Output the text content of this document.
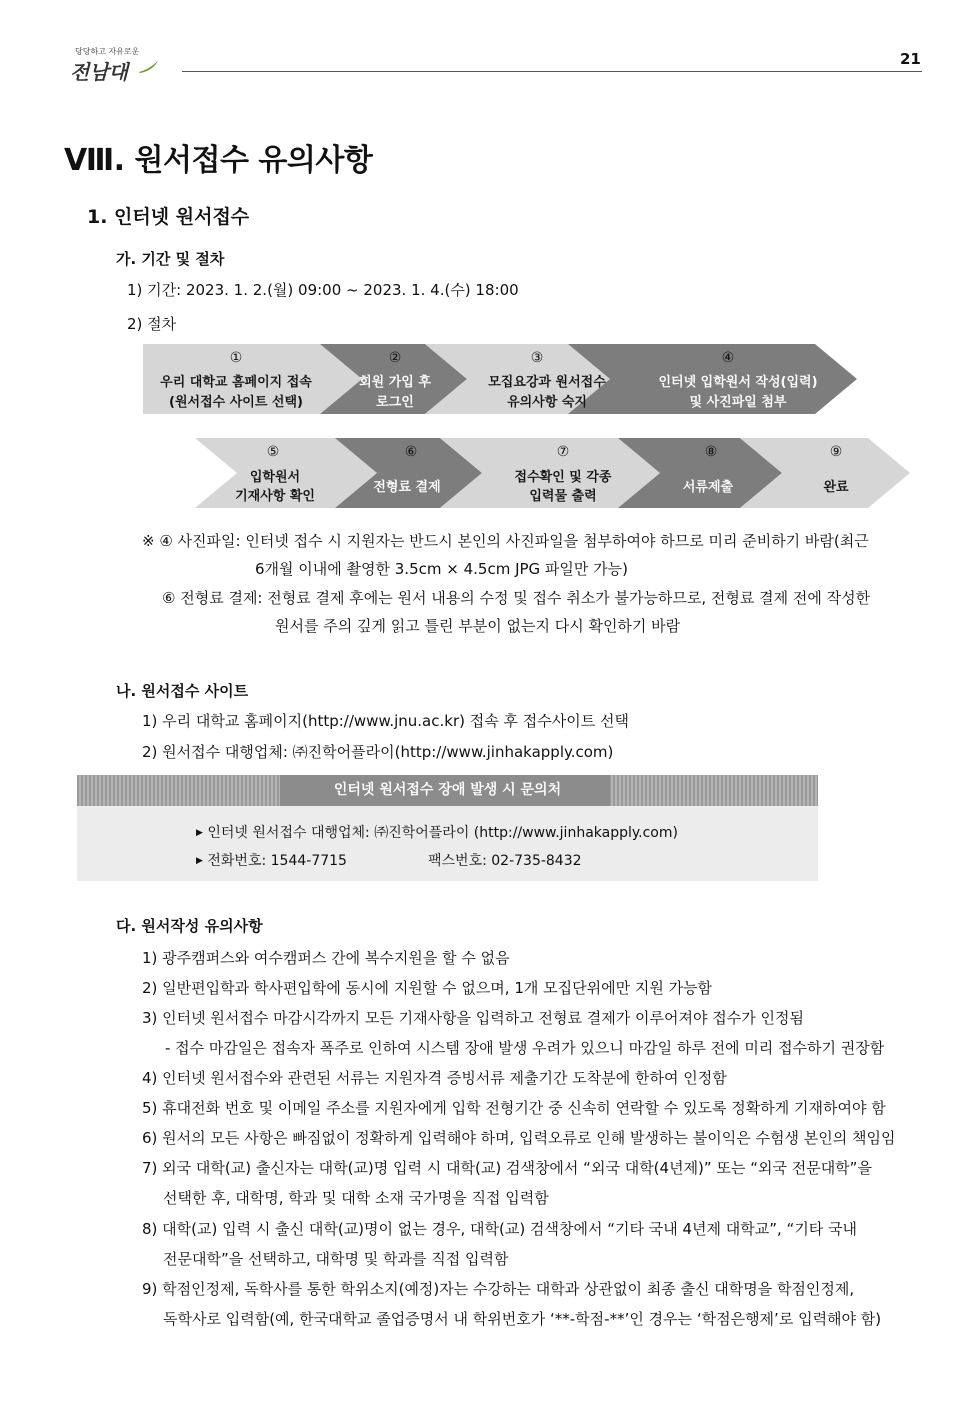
당당하고 자유로운
전남대
21
Ⅷ. 원서접수 유의사항
1. 인터넷 원서접수
가. 기간 및 절차
1) 기간: 2023. 1. 2.(월) 09:00 ~ 2023. 1. 4.(수) 18:00
2) 절차
①
우리 대학교 홈페이지 접속
(원서접수 사이트 선택)
②
회원 가입 후
로그인
③
모집요강과 원서접수
유의사항 숙지
④
인터넷 입학원서 작성(입력)
및 사진파일 첨부
⑤
입학원서
기재사항 확인
⑥
전형료 결제
⑦
접수확인 및 각종
입력물 출력
⑧
서류제출
⑨
완료
※ ④ 사진파일: 인터넷 접수 시 지원자는 반드시 본인의 사진파일을 첨부하여야 하므로 미리 준비하기 바람(최근
6개월 이내에 촬영한 3.5cm × 4.5cm JPG 파일만 가능)
⑥ 전형료 결제: 전형료 결제 후에는 원서 내용의 수정 및 접수 취소가 불가능하므로, 전형료 결제 전에 작성한
원서를 주의 깊게 읽고 틀린 부분이 없는지 다시 확인하기 바람
나. 원서접수 사이트
1) 우리 대학교 홈페이지(http://www.jnu.ac.kr) 접속 후 접수사이트 선택
2) 원서접수 대행업체: ㈜진학어플라이(http://www.jinhakapply.com)
인터넷 원서접수 장애 발생 시 문의처
▶ 인터넷 원서접수 대행업체: ㈜진학어플라이 (http://www.jinhakapply.com)
▶ 전화번호: 1544-7715	팩스번호: 02-735-8432
다. 원서작성 유의사항
1) 광주캠퍼스와 여수캠퍼스 간에 복수지원을 할 수 없음
2) 일반편입학과 학사편입학에 동시에 지원할 수 없으며, 1개 모집단위에만 지원 가능함
3) 인터넷 원서접수 마감시각까지 모든 기재사항을 입력하고 전형료 결제가 이루어져야 접수가 인정됨
- 접수 마감일은 접속자 폭주로 인하여 시스템 장애 발생 우려가 있으니 마감일 하루 전에 미리 접수하기 권장함
4) 인터넷 원서접수와 관련된 서류는 지원자격 증빙서류 제출기간 도착분에 한하여 인정함
5) 휴대전화 번호 및 이메일 주소를 지원자에게 입학 전형기간 중 신속히 연락할 수 있도록 정확하게 기재하여야 함
6) 원서의 모든 사항은 빠짐없이 정확하게 입력해야 하며, 입력오류로 인해 발생하는 불이익은 수험생 본인의 책임임
7) 외국 대학(교) 출신자는 대학(교)명 입력 시 대학(교) 검색창에서 “외국 대학(4년제)” 또는 “외국 전문대학”을
선택한 후, 대학명, 학과 및 대학 소재 국가명을 직접 입력함
8) 대학(교) 입력 시 출신 대학(교)명이 없는 경우, 대학(교) 검색창에서 “기타 국내 4년제 대학교”, “기타 국내
전문대학”을 선택하고, 대학명 및 학과를 직접 입력함
9) 학점인정제, 독학사를 통한 학위소지(예정)자는 수강하는 대학과 상관없이 최종 출신 대학명을 학점인정제,
독학사로 입력함(예, 한국대학교 졸업증명서 내 학위번호가 ‘**-학점-**’인 경우는 ‘학점은행제’로 입력해야 함)
